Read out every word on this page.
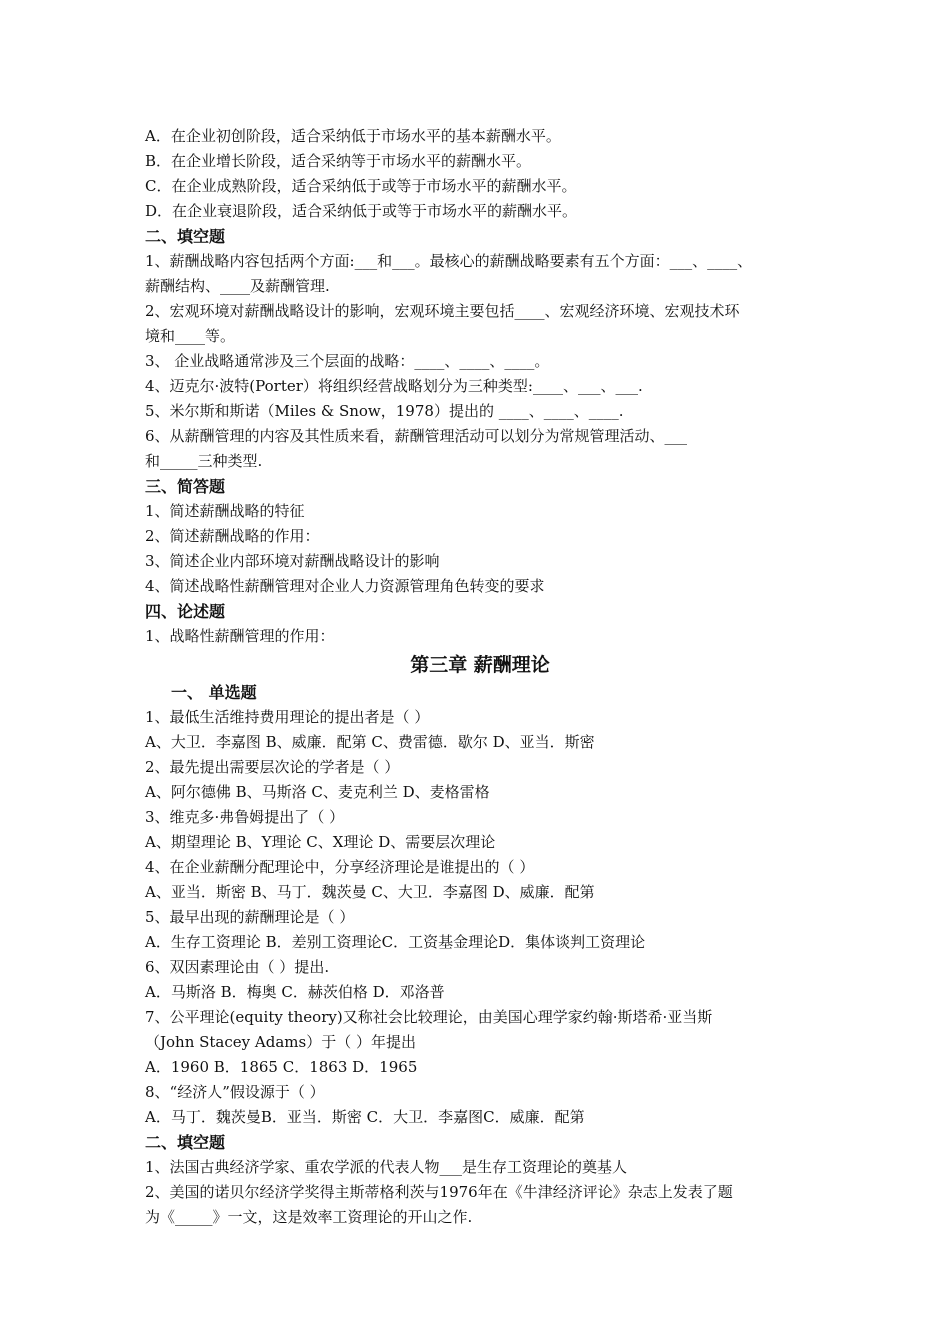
A．在企业初创阶段，适合采纳低于市场水平的基本薪酬水平。
B．在企业增长阶段，适合采纳等于市场水平的薪酬水平。
C．在企业成熟阶段，适合采纳低于或等于市场水平的薪酬水平。
D．在企业衰退阶段，适合采纳低于或等于市场水平的薪酬水平。
二、填空题
1、薪酬战略内容包括两个方面:___和___。最核心的薪酬战略要素有五个方面：___、____、
薪酬结构、____及薪酬管理.
2、宏观环境对薪酬战略设计的影响，宏观环境主要包括____、宏观经济环境、宏观技术环
境和____等。
3、 企业战略通常涉及三个层面的战略：____、____、____。
4、迈克尔·波特(Porter）将组织经营战略划分为三种类型:____、___、___.
5、米尔斯和斯诺（Miles & Snow，1978）提出的 ____、____、____.
6、从薪酬管理的内容及其性质来看，薪酬管理活动可以划分为常规管理活动、___
和_____三种类型.
三、简答题
1、简述薪酬战略的特征
2、简述薪酬战略的作用：
3、简述企业内部环境对薪酬战略设计的影响
4、简述战略性薪酬管理对企业人力资源管理角色转变的要求
四、论述题
1、战略性薪酬管理的作用：
第三章 薪酬理论
一、 单选题
1、最低生活维持费用理论的提出者是（ ）
A、大卫．李嘉图 B、威廉．配第 C、费雷德．歇尔 D、亚当．斯密
2、最先提出需要层次论的学者是（ ）
A、阿尔德佛 B、马斯洛 C、麦克利兰 D、麦格雷格
3、维克多·弗鲁姆提出了（ ）
A、期望理论 B、Y理论 C、X理论 D、需要层次理论
4、在企业薪酬分配理论中，分享经济理论是谁提出的（ ）
A、亚当．斯密 B、马丁．魏茨曼 C、大卫．李嘉图 D、威廉．配第
5、最早出现的薪酬理论是（ ）
A．生存工资理论 B．差别工资理论C．工资基金理论D．集体谈判工资理论
6、双因素理论由（ ）提出.
A．马斯洛 B．梅奥 C．赫茨伯格 D．邓洛普
7、公平理论(equity theory)又称社会比较理论，由美国心理学家约翰·斯塔希·亚当斯
（John Stacey Adams）于（ ）年提出
A．1960 B．1865 C．1863 D．1965
8、“经济人”假设源于（ ）
A．马丁．魏茨曼B．亚当．斯密 C．大卫．李嘉图C．威廉．配第
二、填空题
1、法国古典经济学家、重农学派的代表人物___是生存工资理论的奠基人
2、美国的诺贝尔经济学奖得主斯蒂格利茨与1976年在《牛津经济评论》杂志上发表了题
为《_____》一文，这是效率工资理论的开山之作.
